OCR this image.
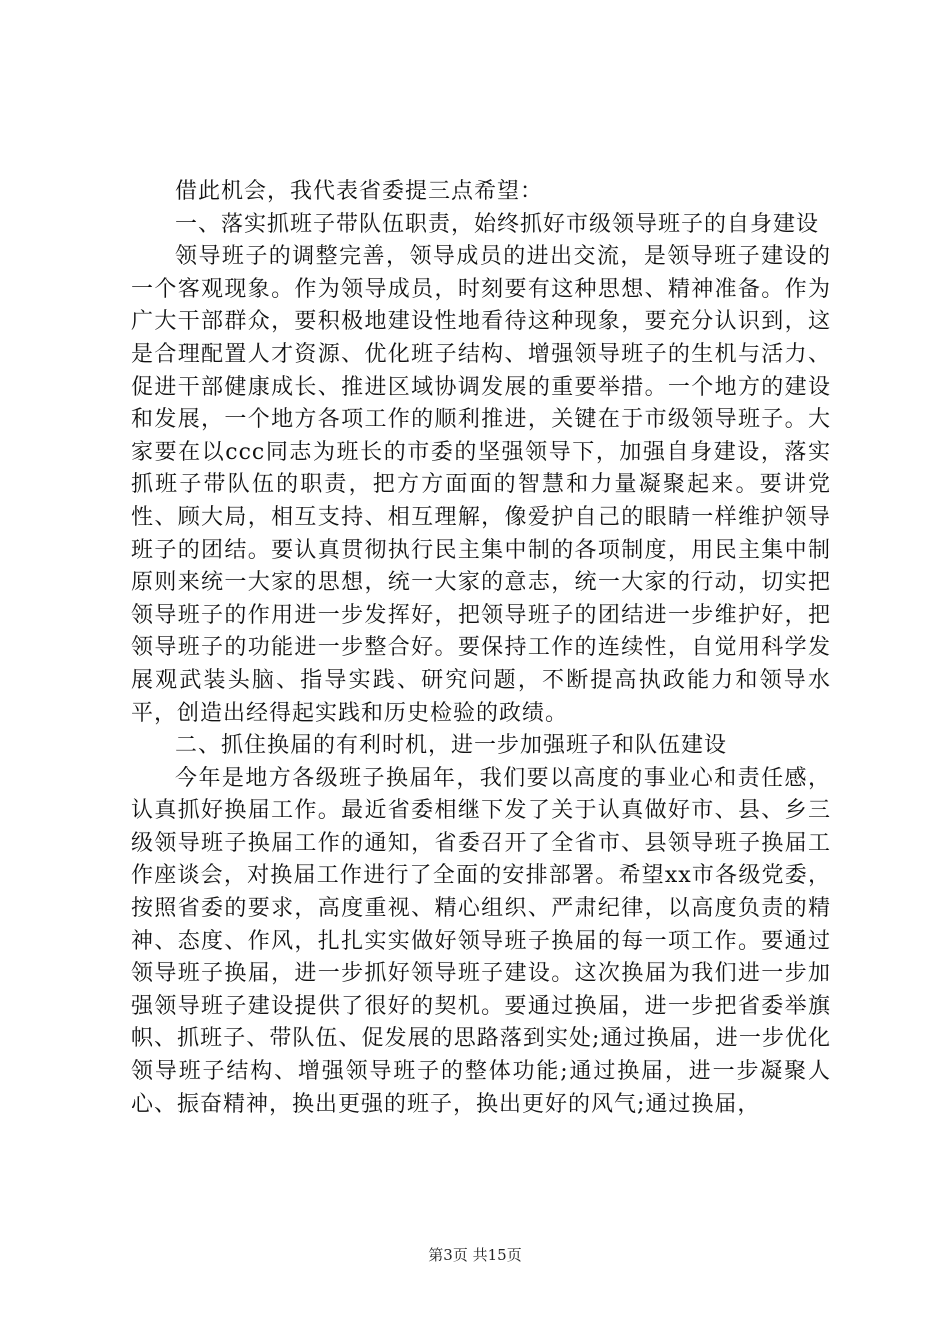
借此机会，我代表省委提三点希望：

一、落实抓班子带队伍职责，始终抓好市级领导班子的自身建设

领导班子的调整完善，领导成员的进出交流，是领导班子建设的一个客观现象。作为领导成员，时刻要有这种思想、精神准备。作为广大干部群众，要积极地建设性地看待这种现象，要充分认识到，这是合理配置人才资源、优化班子结构、增强领导班子的生机与活力、促进干部健康成长、推进区域协调发展的重要举措。一个地方的建设和发展，一个地方各项工作的顺利推进，关键在于市级领导班子。大家要在以ccc同志为班长的市委的坚强领导下，加强自身建设，落实抓班子带队伍的职责，把方方面面的智慧和力量凝聚起来。要讲党性、顾大局，相互支持、相互理解，像爱护自己的眼睛一样维护领导班子的团结。要认真贯彻执行民主集中制的各项制度，用民主集中制原则来统一大家的思想，统一大家的意志，统一大家的行动，切实把领导班子的作用进一步发挥好，把领导班子的团结进一步维护好，把领导班子的功能进一步整合好。要保持工作的连续性，自觉用科学发展观武装头脑、指导实践、研究问题，不断提高执政能力和领导水平，创造出经得起实践和历史检验的政绩。

二、抓住换届的有利时机，进一步加强班子和队伍建设

今年是地方各级班子换届年，我们要以高度的事业心和责任感，认真抓好换届工作。最近省委相继下发了关于认真做好市、县、乡三级领导班子换届工作的通知，省委召开了全省市、县领导班子换届工作座谈会，对换届工作进行了全面的安排部署。希望xx市各级党委，按照省委的要求，高度重视、精心组织、严肃纪律，以高度负责的精神、态度、作风，扎扎实实做好领导班子换届的每一项工作。要通过领导班子换届，进一步抓好领导班子建设。这次换届为我们进一步加强领导班子建设提供了很好的契机。要通过换届，进一步把省委举旗帜、抓班子、带队伍、促发展的思路落到实处;通过换届，进一步优化领导班子结构、增强领导班子的整体功能;通过换届，进一步凝聚人心、振奋精神，换出更强的班子，换出更好的风气;通过换届，

第3页 共15页
